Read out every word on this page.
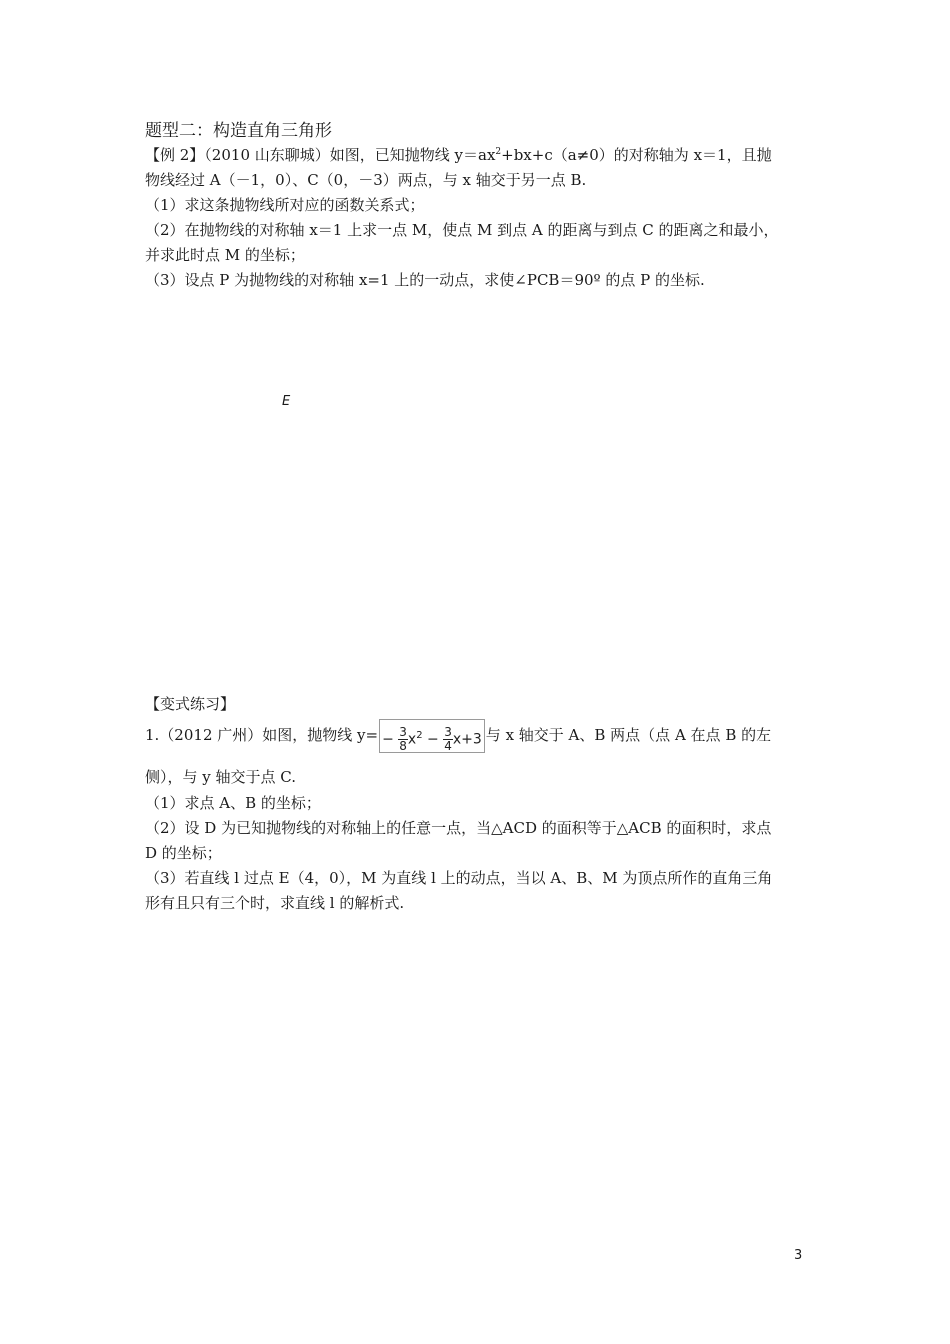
题型二：构造直角三角形
【例 2】（2010 山东聊城）如图，已知抛物线 $y=ax^2+bx+c(a\ne 0)$的对称轴为 x＝1，且抛
物线经过 A（－1，0）、C（0，－3）两点，与 x 轴交于另一点 B.
（1）求这条抛物线所对应的函数关系式；
（2）在抛物线的对称轴 x＝1 上求一点 M，使点 M 到点 A 的距离与到点 C 的距离之和最小，
并求此时点 M 的坐标；
（3）设点 P 为抛物线的对称轴 x=1 上的一动点，求使∠PCB＝90º 的点 P 的坐标.
E
【变式练习】
1.（2012 广州）如图，抛物线 $y= - \frac{3}{8} x^2 - \frac{3}{4} x+3$ 与 x 轴交于 A、B 两点（点 A 在点 B 的左
侧），与 y 轴交于点 C.
（1）求点 A、B 的坐标；
（2）设 D 为已知抛物线的对称轴上的任意一点，当△ACD 的面积等于△ACB 的面积时，求点
D 的坐标；
（3）若直线 l 过点 E（4，0），M 为直线 l 上的动点，当以 A、B、M 为顶点所作的直角三角
形有且只有三个时，求直线 l 的解析式.
3
